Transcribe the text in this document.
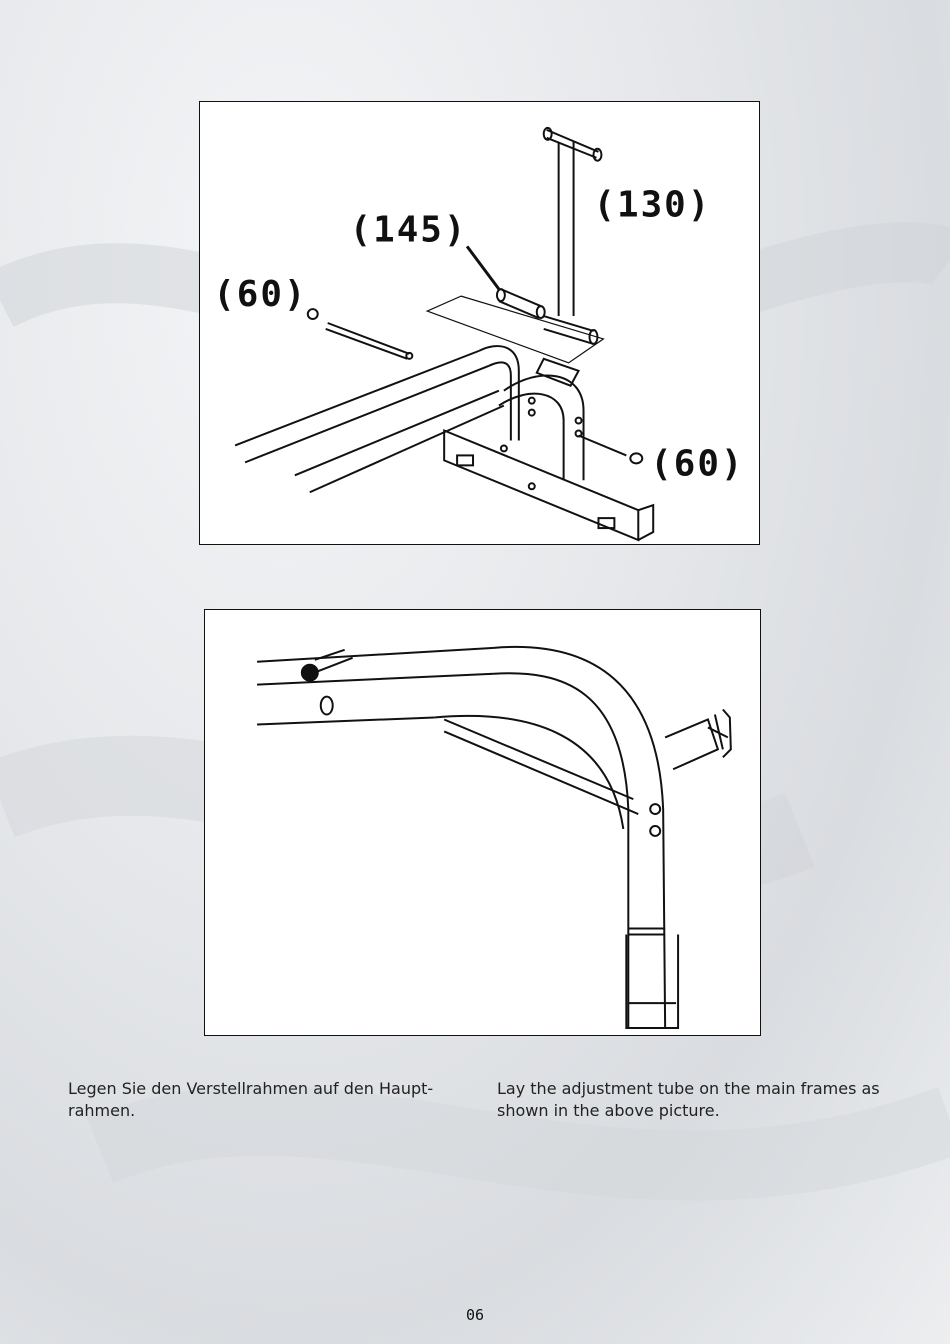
(145)
(130)
(60)
(60)
Legen Sie den Verstellrahmen auf den Haupt-rahmen.
Lay the adjustment tube on the main frames as shown in the above picture.
06
